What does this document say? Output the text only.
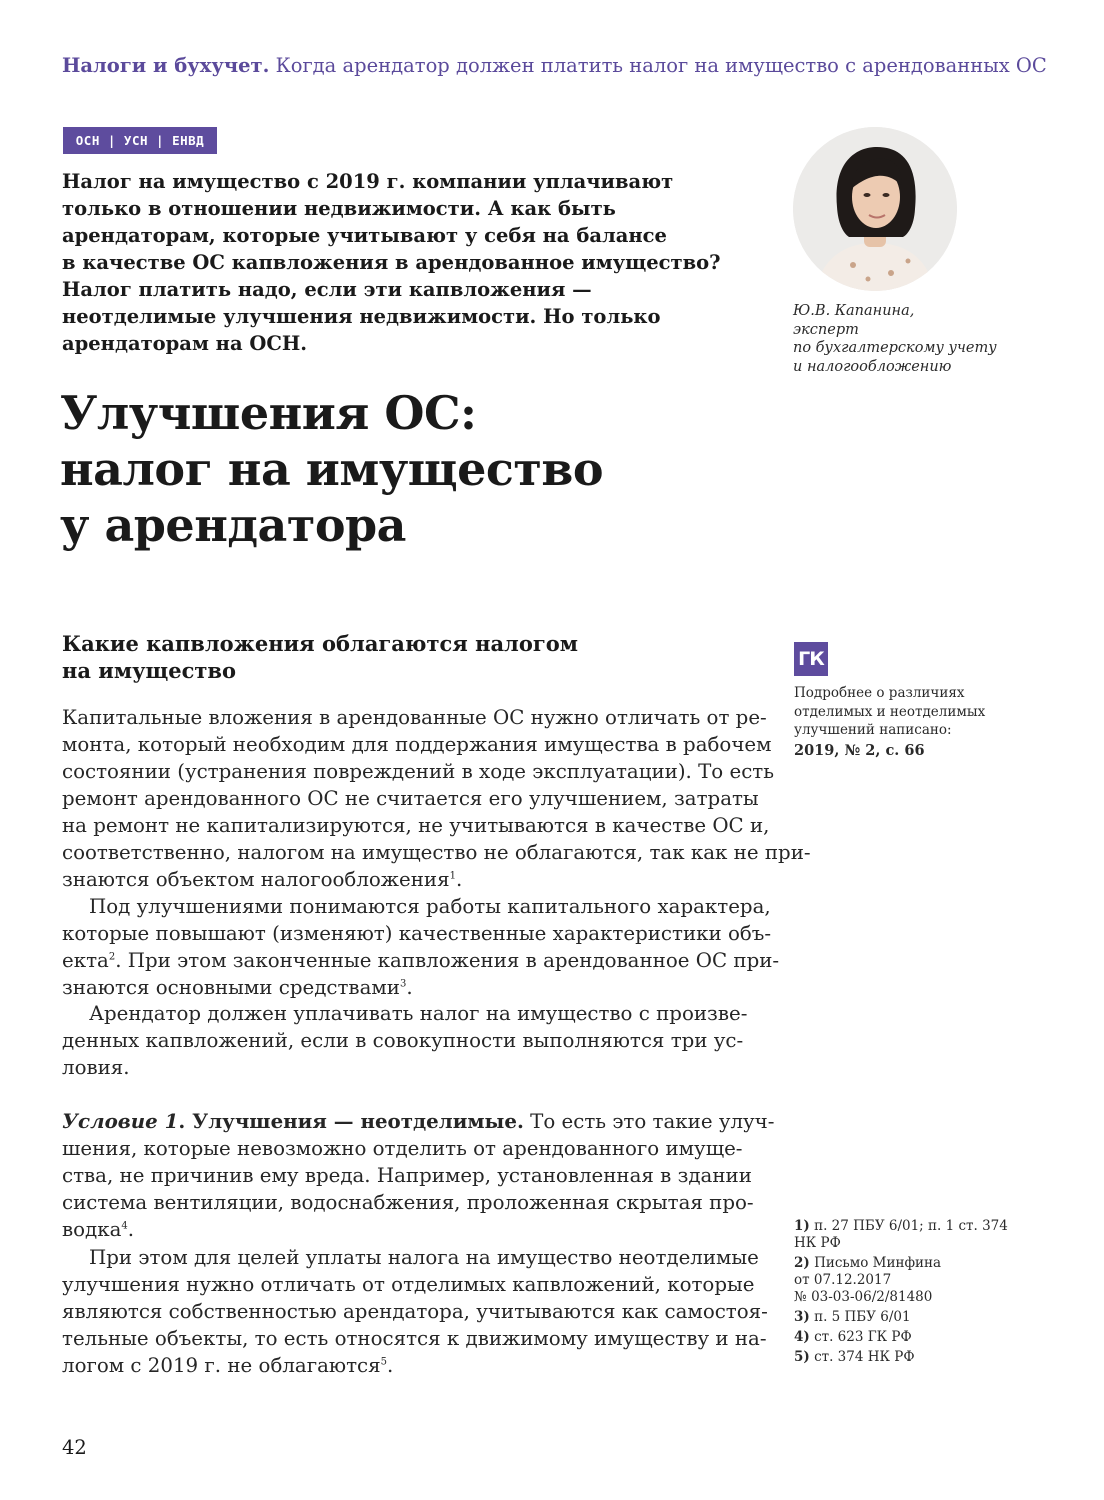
Налоги и бухучет. Когда арендатор должен платить налог на имущество с арендованных ОС
ОСН | УСН | ЕНВД
Налог на имущество с 2019 г. компании уплачивают
только в отношении недвижимости. А как быть
арендаторам, которые учитывают у себя на балансе
в качестве ОС капвложения в арендованное имущество?
Налог платить надо, если эти капвложения —
неотделимые улучшения недвижимости. Но только
арендаторам на ОСН.
Улучшения ОС:
налог на имущество
у арендатора
Ю.В. Капанина,
эксперт
по бухгалтерскому учету
и налогообложению
Какие капвложения облагаются налогом
на имущество
Капитальные вложения в арендованные ОС нужно отличать от ре-
монта, который необходим для поддержания имущества в рабочем
состоянии (устранения повреждений в ходе эксплуатации). То есть
ремонт арендованного ОС не считается его улучшением, затраты
на ремонт не капитализируются, не учитываются в качестве ОС и,
соответственно, налогом на имущество не облагаются, так как не при-
знаются объектом налогообложения$^1$.
Под улучшениями понимаются работы капитального характера,
которые повышают (изменяют) качественные характеристики объ-
екта$^2$. При этом законченные капвложения в арендованное ОС при-
знаются основными средствами$^3$.
Арендатор должен уплачивать налог на имущество с произве-
денных капвложений, если в совокупности выполняются три ус-
ловия.
Условие 1. Улучшения — неотделимые. То есть это такие улуч-
шения, которые невозможно отделить от арендованного имуще-
ства, не причинив ему вреда. Например, установленная в здании
система вентиляции, водоснабжения, проложенная скрытая про-
водка$^4$.
При этом для целей уплаты налога на имущество неотделимые
улучшения нужно отличать от отделимых капвложений, которые
являются собственностью арендатора, учитываются как самостоя-
тельные объекты, то есть относятся к движимому имуществу и на-
логом с 2019 г. не облагаются$^5$.
ГК
Подробнее о различиях
отделимых и неотделимых
улучшений написано:
2019, № 2, с. 66
1) п. 27 ПБУ 6/01; п. 1 ст. 374
НК РФ
2) Письмо Минфина
от 07.12.2017
№ 03-03-06/2/81480
3) п. 5 ПБУ 6/01
4) ст. 623 ГК РФ
5) ст. 374 НК РФ
42
